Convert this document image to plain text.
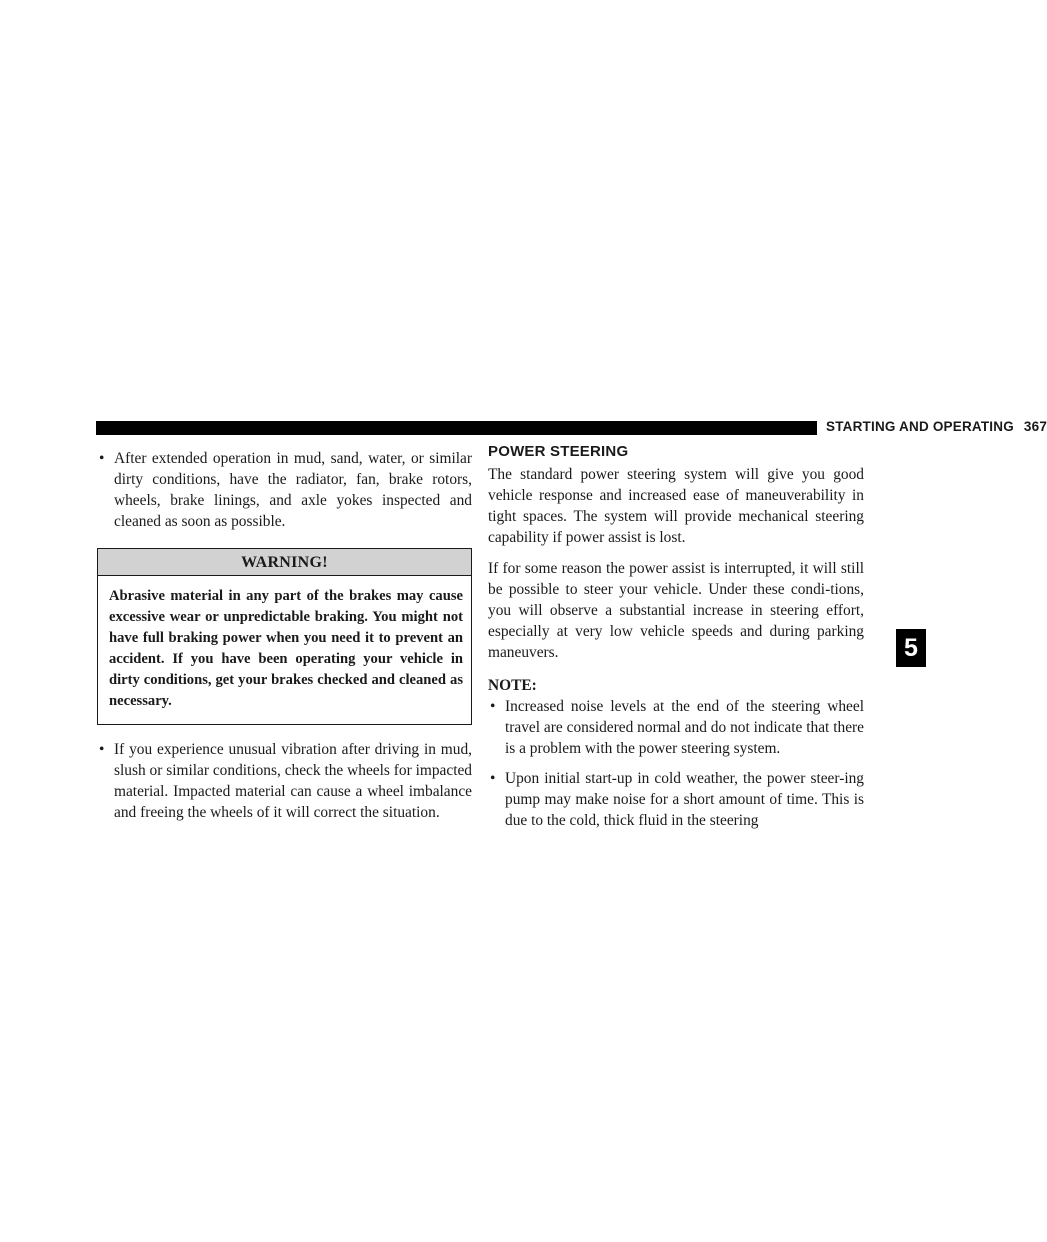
STARTING AND OPERATING 367
• After extended operation in mud, sand, water, or similar dirty conditions, have the radiator, fan, brake rotors, wheels, brake linings, and axle yokes inspected and cleaned as soon as possible.
WARNING!
Abrasive material in any part of the brakes may cause excessive wear or unpredictable braking. You might not have full braking power when you need it to prevent an accident. If you have been operating your vehicle in dirty conditions, get your brakes checked and cleaned as necessary.
• If you experience unusual vibration after driving in mud, slush or similar conditions, check the wheels for impacted material. Impacted material can cause a wheel imbalance and freeing the wheels of it will correct the situation.
POWER STEERING

The standard power steering system will give you good vehicle response and increased ease of maneuverability in tight spaces. The system will provide mechanical steering capability if power assist is lost.

If for some reason the power assist is interrupted, it will still be possible to steer your vehicle. Under these condi-tions, you will observe a substantial increase in steering effort, especially at very low vehicle speeds and during parking maneuvers.

NOTE:
• Increased noise levels at the end of the steering wheel travel are considered normal and do not indicate that there is a problem with the power steering system.
• Upon initial start-up in cold weather, the power steer-ing pump may make noise for a short amount of time. This is due to the cold, thick fluid in the steering
5
